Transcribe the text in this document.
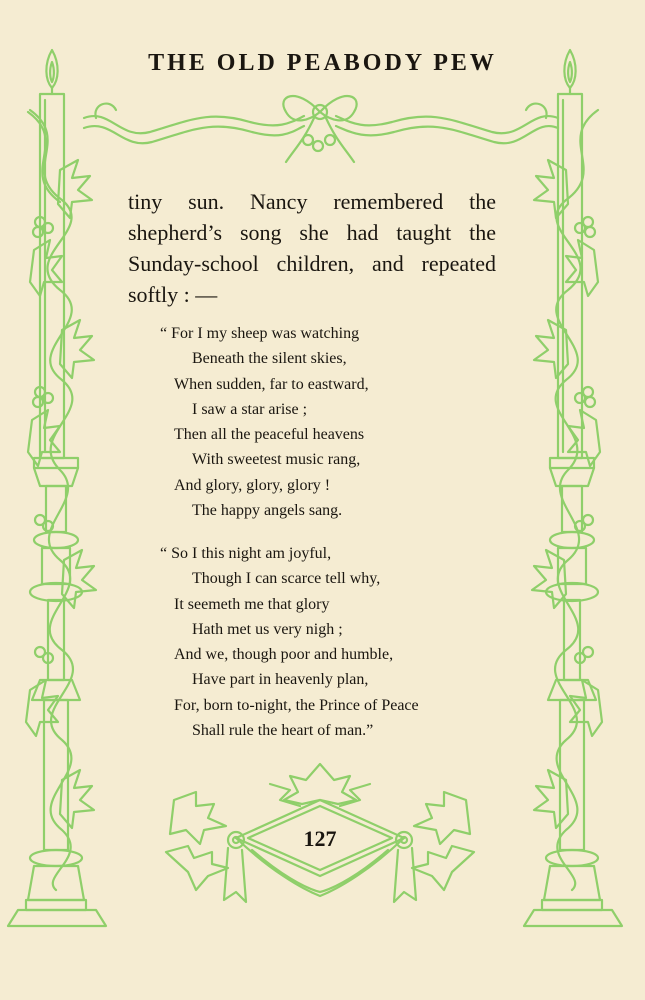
THE OLD PEABODY PEW

tiny sun. Nancy remembered the shepherd’s song she had taught the Sunday-school children, and repeated softly : —

“ For I my sheep was watching
Beneath the silent skies,
When sudden, far to eastward,
I saw a star arise ;
Then all the peaceful heavens
With sweetest music rang,
And glory, glory, glory !
The happy angels sang.
“ So I this night am joyful,
Though I can scarce tell why,
It seemeth me that glory
Hath met us very nigh ;
And we, though poor and humble,
Have part in heavenly plan,
For, born to-night, the Prince of Peace
Shall rule the heart of man.”
127
